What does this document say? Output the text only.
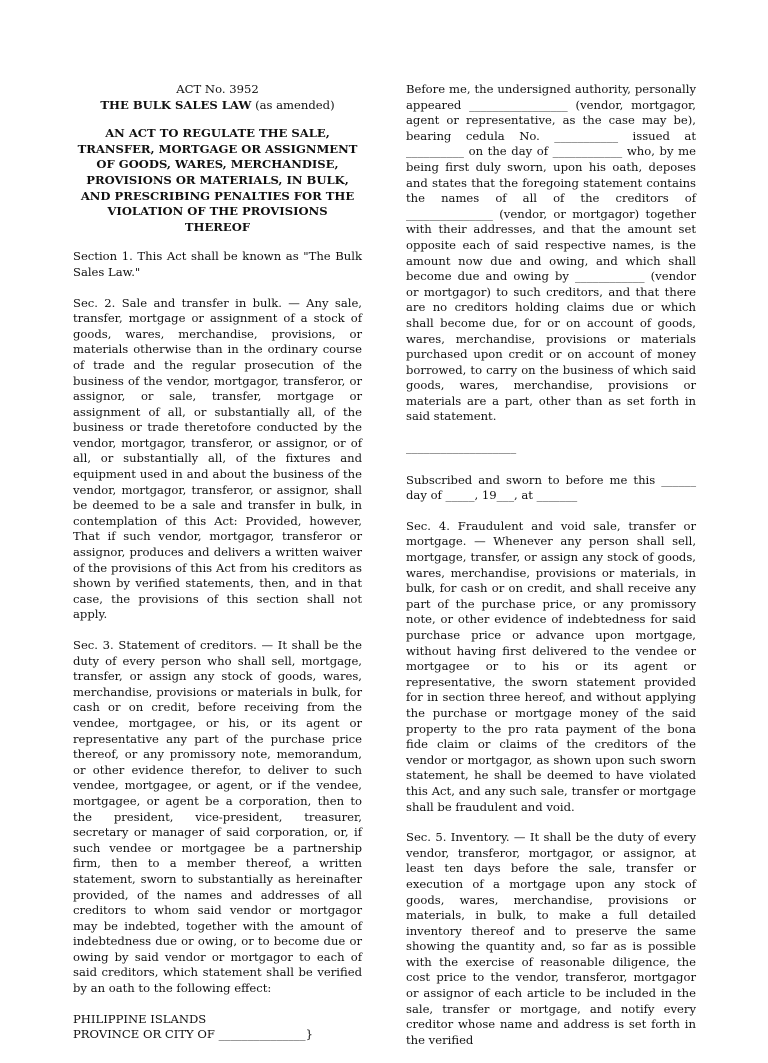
ACT No. 3952
THE BULK SALES LAW (as amended)

AN ACT TO REGULATE THE SALE, TRANSFER, MORTGAGE OR ASSIGNMENT OF GOODS, WARES, MERCHANDISE, PROVISIONS OR MATERIALS, IN BULK, AND PRESCRIBING PENALTIES FOR THE VIOLATION OF THE PROVISIONS THEREOF

Section 1. This Act shall be known as "The Bulk Sales Law."

Sec. 2. Sale and transfer in bulk. — Any sale, transfer, mortgage or assignment of a stock of goods, wares, merchandise, provisions, or materials otherwise than in the ordinary course of trade and the regular prosecution of the business of the vendor, mortgagor, transferor, or assignor, or sale, transfer, mortgage or assignment of all, or substantially all, of the business or trade theretofore conducted by the vendor, mortgagor, transferor, or assignor, or of all, or substantially all, of the fixtures and equipment used in and about the business of the vendor, mortgagor, transferor, or assignor, shall be deemed to be a sale and transfer in bulk, in contemplation of this Act: Provided, however, That if such vendor, mortgagor, transferor or assignor, produces and delivers a written waiver of the provisions of this Act from his creditors as shown by verified statements, then, and in that case, the provisions of this section shall not apply.

Sec. 3. Statement of creditors. — It shall be the duty of every person who shall sell, mortgage, transfer, or assign any stock of goods, wares, merchandise, provisions or materials in bulk, for cash or on credit, before receiving from the vendee, mortgagee, or his, or its agent or representative any part of the purchase price thereof, or any promissory note, memorandum, or other evidence therefor, to deliver to such vendee, mortgagee, or agent, or if the vendee, mortgagee, or agent be a corporation, then to the president, vice-president, treasurer, secretary or manager of said corporation, or, if such vendee or mortgagee be a partnership firm, then to a member thereof, a written statement, sworn to substantially as hereinafter provided, of the names and addresses of all creditors to whom said vendor or mortgagor may be indebted, together with the amount of indebtedness due or owing, or to become due or owing by said vendor or mortgagor to each of said creditors, which statement shall be verified by an oath to the following effect:

PHILIPPINE ISLANDS

PROVINCE OR CITY OF _______________}

Before me, the undersigned authority, personally appeared _________________ (vendor, mortgagor, agent or representative, as the case may be), bearing cedula No. ___________ issued at __________ on the day of ____________ who, by me being first duly sworn, upon his oath, deposes and states that the foregoing statement contains the names of all of the creditors of _______________ (vendor, or mortgagor) together with their addresses, and that the amount set opposite each of said respective names, is the amount now due and owing, and which shall become due and owing by ____________ (vendor or mortgagor) to such creditors, and that there are no creditors holding claims due or which shall become due, for or on account of goods, wares, merchandise, provisions or materials purchased upon credit or on account of money borrowed, to carry on the business of which said goods, wares, merchandise, provisions or materials are a part, other than as set forth in said statement.

___________________

Subscribed and sworn to before me this ______ day of _____, 19___, at _______

Sec. 4. Fraudulent and void sale, transfer or mortgage. — Whenever any person shall sell, mortgage, transfer, or assign any stock of goods, wares, merchandise, provisions or materials, in bulk, for cash or on credit, and shall receive any part of the purchase price, or any promissory note, or other evidence of indebtedness for said purchase price or advance upon mortgage, without having first delivered to the vendee or mortgagee or to his or its agent or representative, the sworn statement provided for in section three hereof, and without applying the purchase or mortgage money of the said property to the pro rata payment of the bona fide claim or claims of the creditors of the vendor or mortgagor, as shown upon such sworn statement, he shall be deemed to have violated this Act, and any such sale, transfer or mortgage shall be fraudulent and void.

Sec. 5. Inventory. — It shall be the duty of every vendor, transferor, mortgagor, or assignor, at least ten days before the sale, transfer or execution of a mortgage upon any stock of goods, wares, merchandise, provisions or materials, in bulk, to make a full detailed inventory thereof and to preserve the same showing the quantity and, so far as is possible with the exercise of reasonable diligence, the cost price to the vendor, transferor, mortgagor or assignor of each article to be included in the sale, transfer or mortgage, and notify every creditor whose name and address is set forth in the verified
